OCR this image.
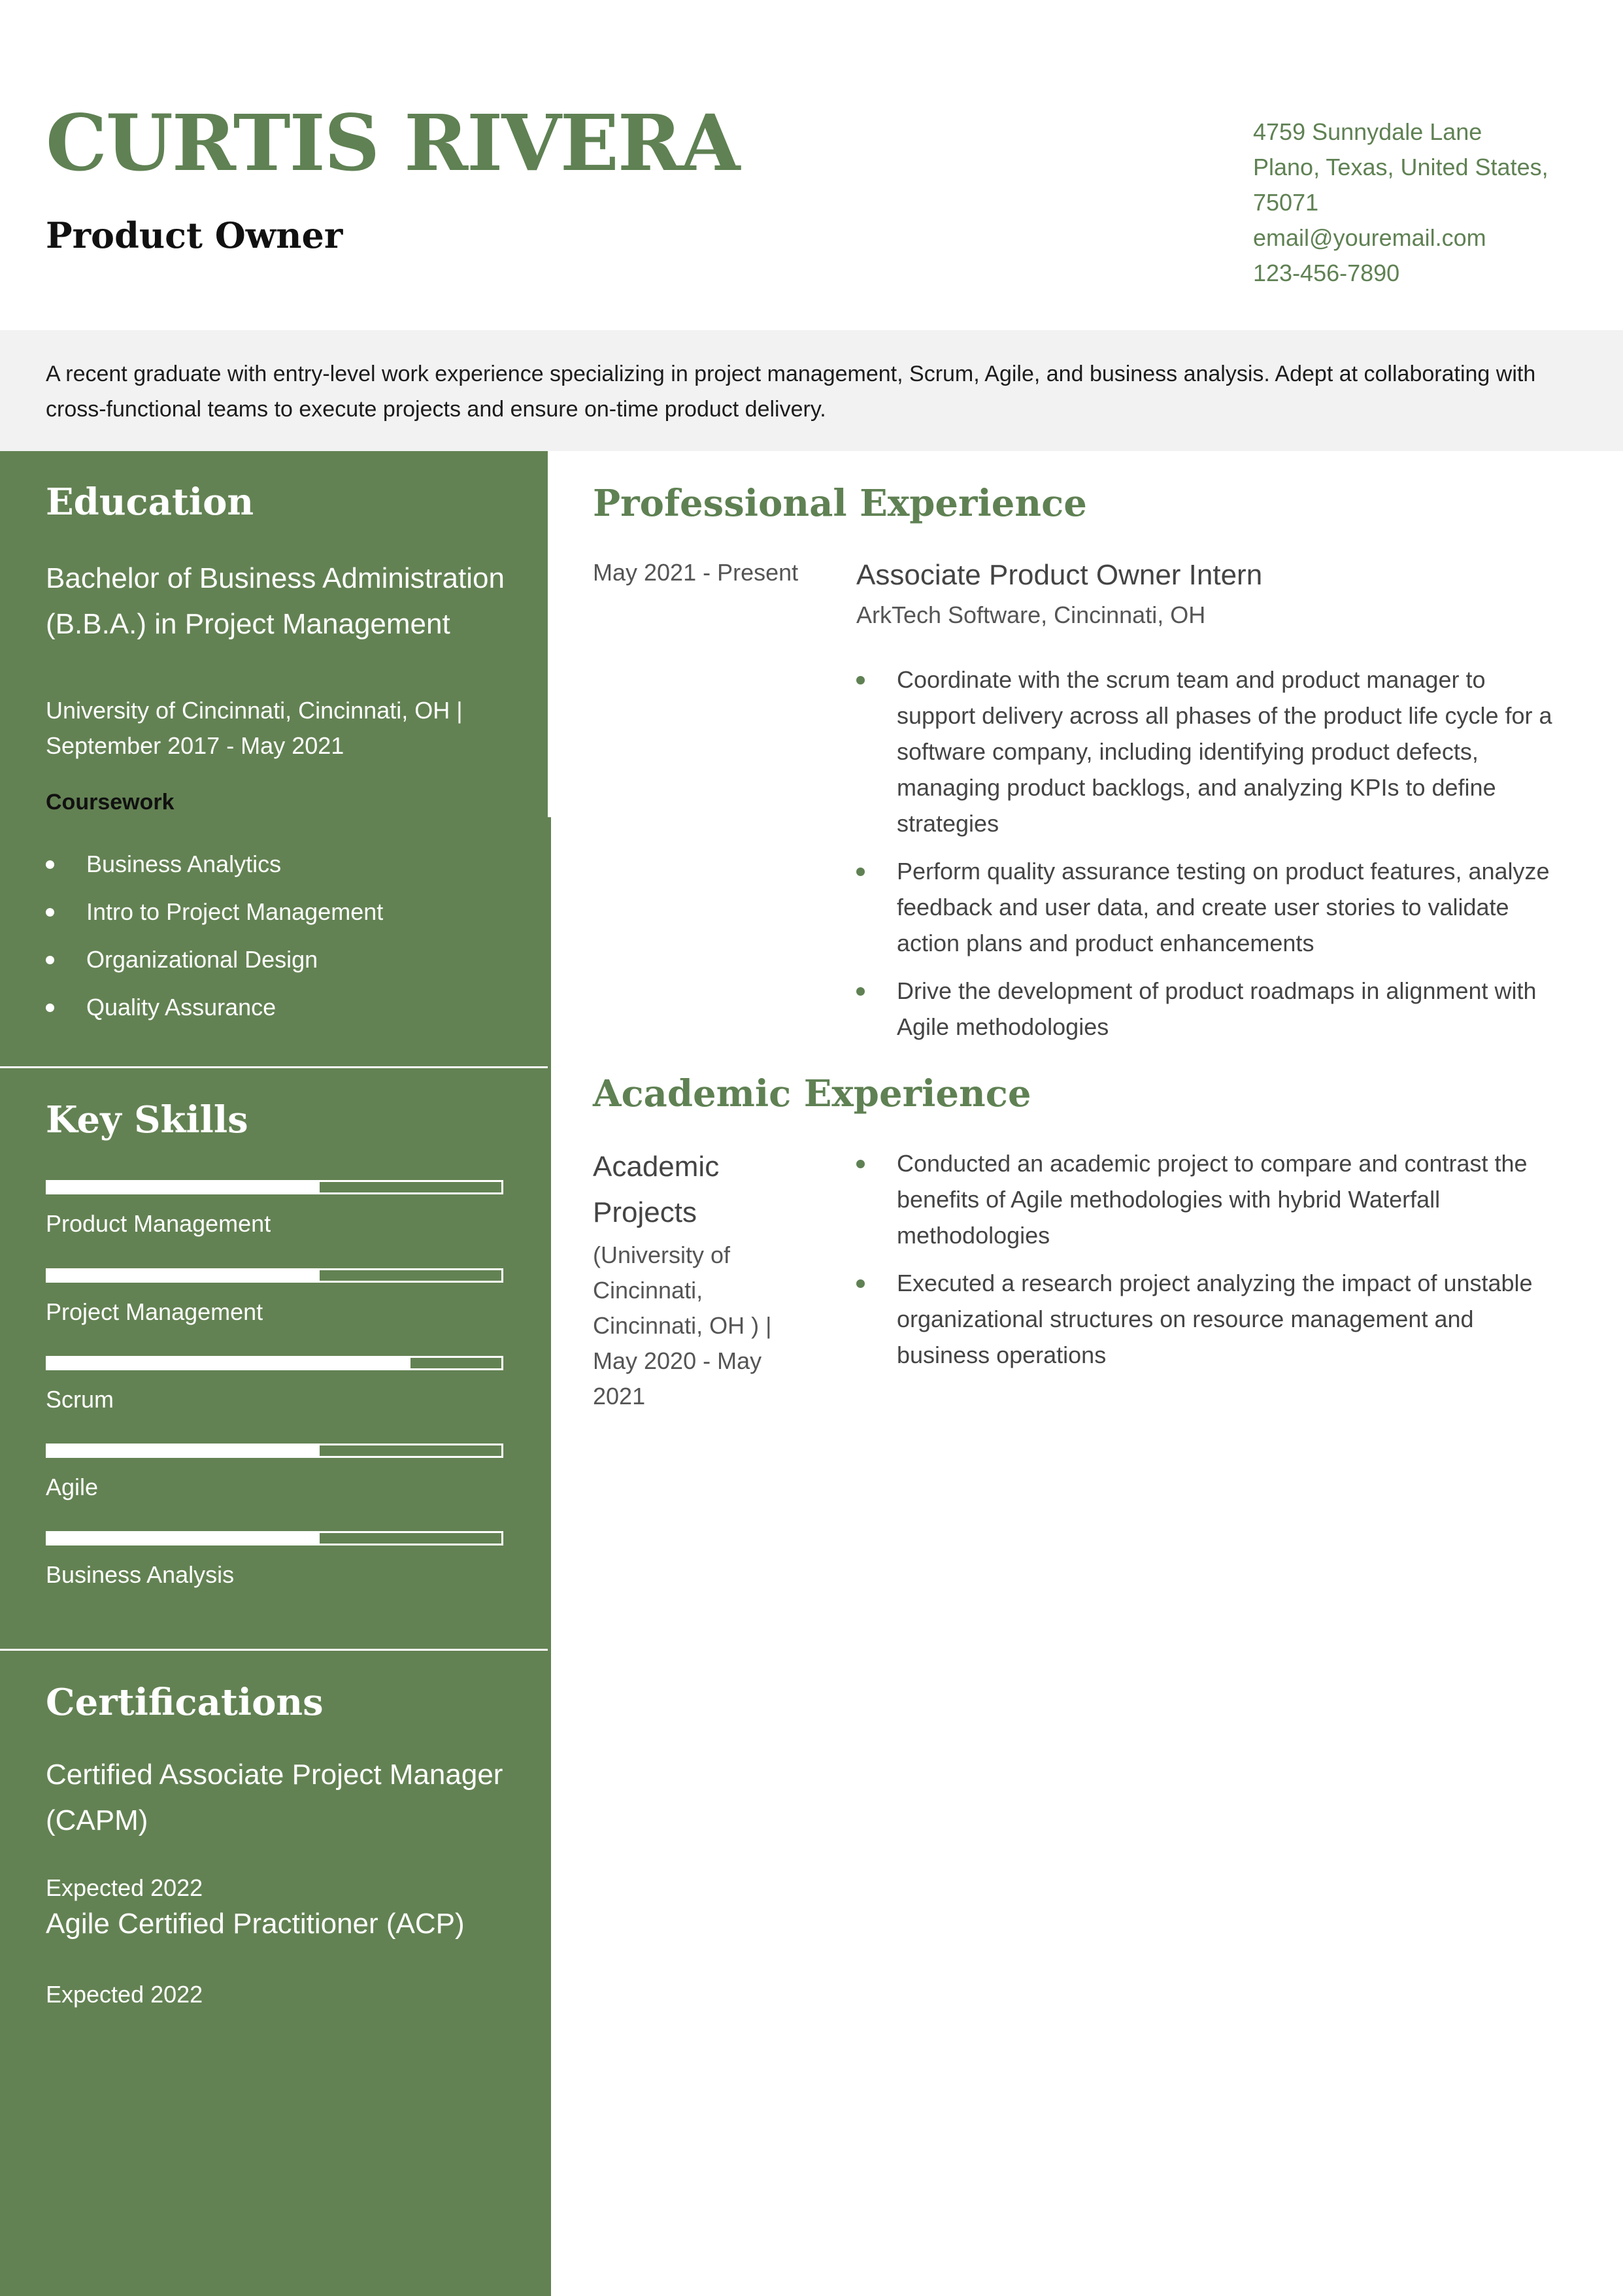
CURTIS RIVERA
Product Owner
4759 Sunnydale Lane
Plano, Texas, United States,
75071
email@youremail.com
123-456-7890
A recent graduate with entry-level work experience specializing in project management, Scrum, Agile, and business analysis. Adept at collaborating with cross-functional teams to execute projects and ensure on-time product delivery.
Education
Bachelor of Business Administration (B.B.A.) in Project Management
University of Cincinnati, Cincinnati, OH | September 2017 - May 2021
Coursework
Business Analytics
Intro to Project Management
Organizational Design
Quality Assurance
Key Skills
Product Management
Project Management
Scrum
Agile
Business Analysis
Certifications
Certified Associate Project Manager (CAPM)
Expected 2022
Agile Certified Practitioner (ACP)
Expected 2022
Professional Experience
May 2021 - Present Associate Product Owner Intern
ArkTech Software, Cincinnati, OH
Coordinate with the scrum team and product manager to support delivery across all phases of the product life cycle for a software company, including identifying product defects, managing product backlogs, and analyzing KPIs to define strategies
Perform quality assurance testing on product features, analyze feedback and user data, and create user stories to validate action plans and product enhancements
Drive the development of product roadmaps in alignment with Agile methodologies
Academic Experience
Academic Projects
(University of Cincinnati, Cincinnati, OH ) | May 2020 - May 2021
Conducted an academic project to compare and contrast the benefits of Agile methodologies with hybrid Waterfall methodologies
Executed a research project analyzing the impact of unstable organizational structures on resource management and business operations
